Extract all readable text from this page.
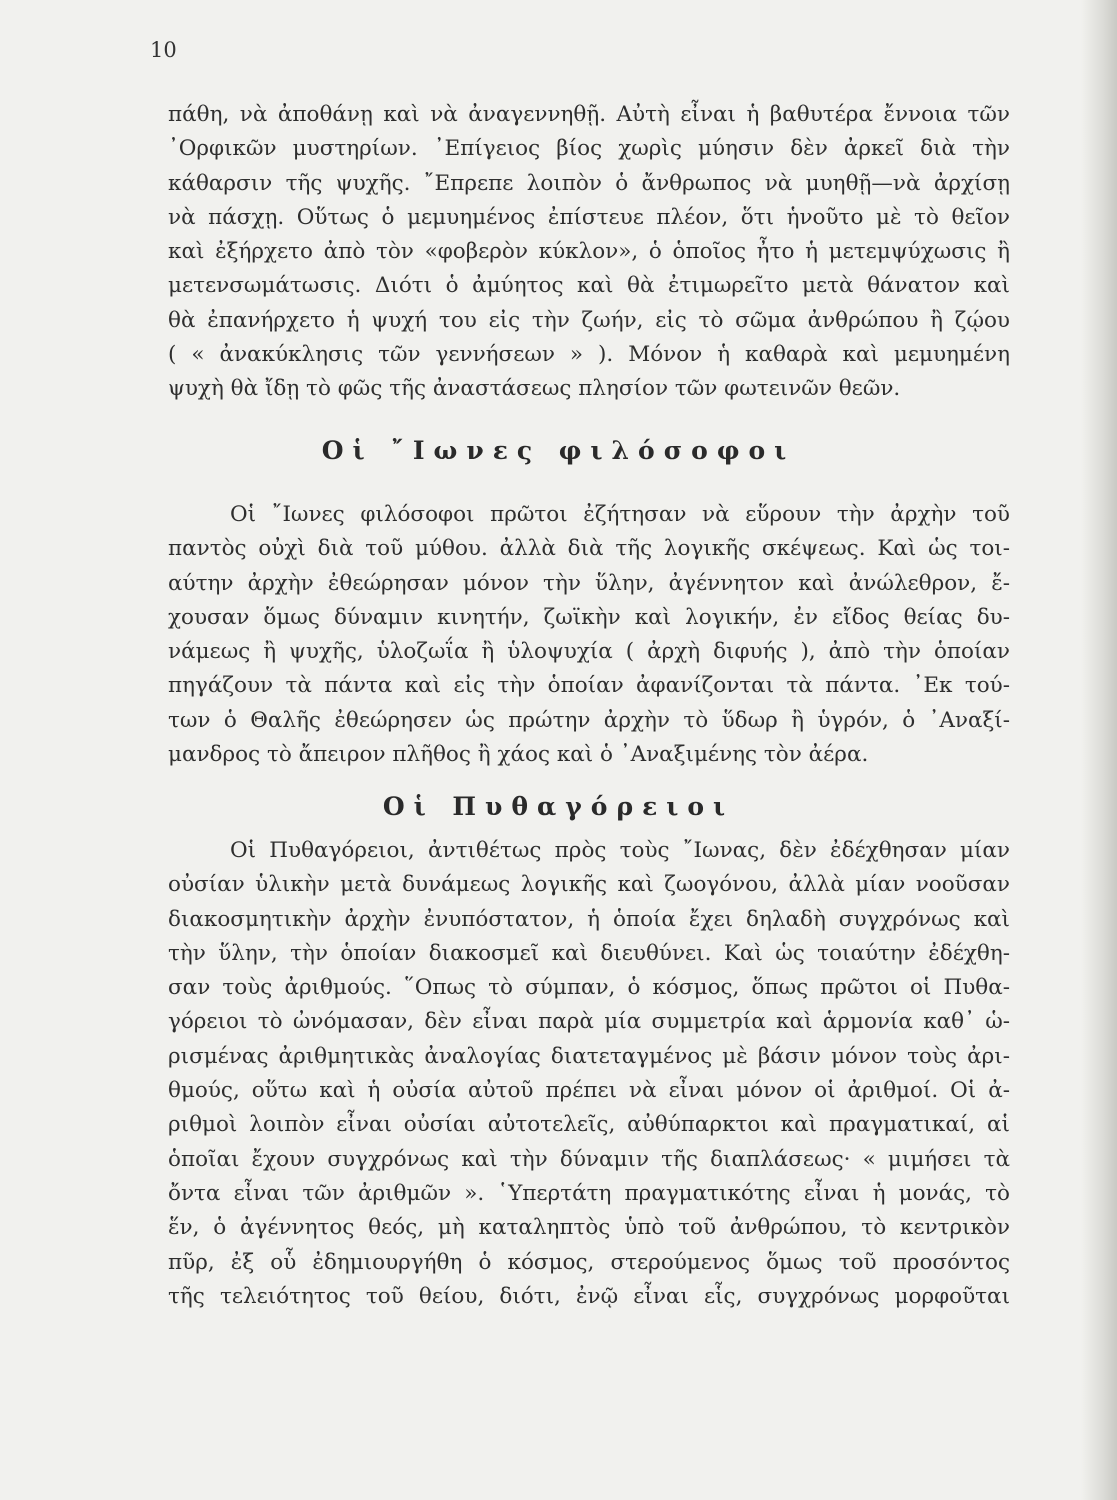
10
πάθη, νὰ ἀποθάνῃ καὶ νὰ ἀναγεννηθῇ. Αὐτὴ εἶναι ἡ βαθυτέρα ἔννοια τῶν
᾽Ορφικῶν μυστηρίων. ᾽Επίγειος βίος χωρὶς μύησιν δὲν ἀρκεῖ διὰ τὴν
κάθαρσιν τῆς ψυχῆς. ῎Επρεπε λοιπὸν ὁ ἄνθρωπος νὰ μυηθῇ—νὰ ἀρχίσῃ
νὰ πάσχῃ. Οὕτως ὁ μεμυημένος ἐπίστευε πλέον, ὅτι ἡνοῦτο μὲ τὸ θεῖον
καὶ ἐξήρχετο ἀπὸ τὸν «φοβερὸν κύκλον», ὁ ὁποῖος ἦτο ἡ μετεμψύχωσις ἢ
μετενσωμάτωσις. Διότι ὁ ἀμύητος καὶ θὰ ἐτιμωρεῖτο μετὰ θάνατον καὶ
θὰ ἐπανήρχετο ἡ ψυχή του εἰς τὴν ζωήν, εἰς τὸ σῶμα ἀνθρώπου ἢ ζῴου
( « ἀνακύκλησις τῶν γεννήσεων » ). Μόνον ἡ καθαρὰ καὶ μεμυημένη
ψυχὴ θὰ ἴδῃ τὸ φῶς τῆς ἀναστάσεως πλησίον τῶν φωτεινῶν θεῶν.
Οἱ ῎Ιωνες φιλόσοφοι
Οἱ ῎Ιωνες φιλόσοφοι πρῶτοι ἐζήτησαν νὰ εὕρουν τὴν ἀρχὴν τοῦ
παντὸς οὐχὶ διὰ τοῦ μύθου. ἀλλὰ διὰ τῆς λογικῆς σκέψεως. Καὶ ὡς τοι-
αύτην ἀρχὴν ἐθεώρησαν μόνον τὴν ὕλην, ἀγέννητον καὶ ἀνώλεθρον, ἔ-
χουσαν ὅμως δύναμιν κινητήν, ζωϊκὴν καὶ λογικήν, ἐν εἴδος θείας δυ-
νάμεως ἢ ψυχῆς, ὑλοζωΐα ἢ ὑλοψυχία ( ἀρχὴ διφυής ), ἀπὸ τὴν ὁποίαν
πηγάζουν τὰ πάντα καὶ εἰς τὴν ὁποίαν ἀφανίζονται τὰ πάντα. ᾽Εκ τού-
των ὁ Θαλῆς ἐθεώρησεν ὡς πρώτην ἀρχὴν τὸ ὕδωρ ἢ ὑγρόν, ὁ ᾽Αναξί-
μανδρος τὸ ἄπειρον πλῆθος ἢ χάος καὶ ὁ ᾽Αναξιμένης τὸν ἀέρα.
Οἱ Πυθαγόρειοι
Οἱ Πυθαγόρειοι, ἀντιθέτως πρὸς τοὺς ῎Ιωνας, δὲν ἐδέχθησαν μίαν
οὐσίαν ὑλικὴν μετὰ δυνάμεως λογικῆς καὶ ζωογόνου, ἀλλὰ μίαν νοοῦσαν
διακοσμητικὴν ἀρχὴν ἐνυπόστατον, ἡ ὁποία ἔχει δηλαδὴ συγχρόνως καὶ
τὴν ὕλην, τὴν ὁποίαν διακοσμεῖ καὶ διευθύνει. Καὶ ὡς τοιαύτην ἐδέχθη-
σαν τοὺς ἀριθμούς. ῞Οπως τὸ σύμπαν, ὁ κόσμος, ὅπως πρῶτοι οἱ Πυθα-
γόρειοι τὸ ὠνόμασαν, δὲν εἶναι παρὰ μία συμμετρία καὶ ἁρμονία καθ᾽ ὡ-
ρισμένας ἀριθμητικὰς ἀναλογίας διατεταγμένος μὲ βάσιν μόνον τοὺς ἀρι-
θμούς, οὕτω καὶ ἡ οὐσία αὐτοῦ πρέπει νὰ εἶναι μόνον οἱ ἀριθμοί. Οἱ ἀ-
ριθμοὶ λοιπὸν εἶναι οὐσίαι αὐτοτελεῖς, αὐθύπαρκτοι καὶ πραγματικαί, αἱ
ὁποῖαι ἔχουν συγχρόνως καὶ τὴν δύναμιν τῆς διαπλάσεως· « μιμήσει τὰ
ὄντα εἶναι τῶν ἀριθμῶν ». ῾Υπερτάτη πραγματικότης εἶναι ἡ μονάς, τὸ
ἕν, ὁ ἀγέννητος θεός, μὴ καταληπτὸς ὑπὸ τοῦ ἀνθρώπου, τὸ κεντρικὸν
πῦρ, ἐξ οὗ ἐδημιουργήθη ὁ κόσμος, στερούμενος ὅμως τοῦ προσόντος
τῆς τελειότητος τοῦ θείου, διότι, ἐνῷ εἶναι εἷς, συγχρόνως μορφοῦται
